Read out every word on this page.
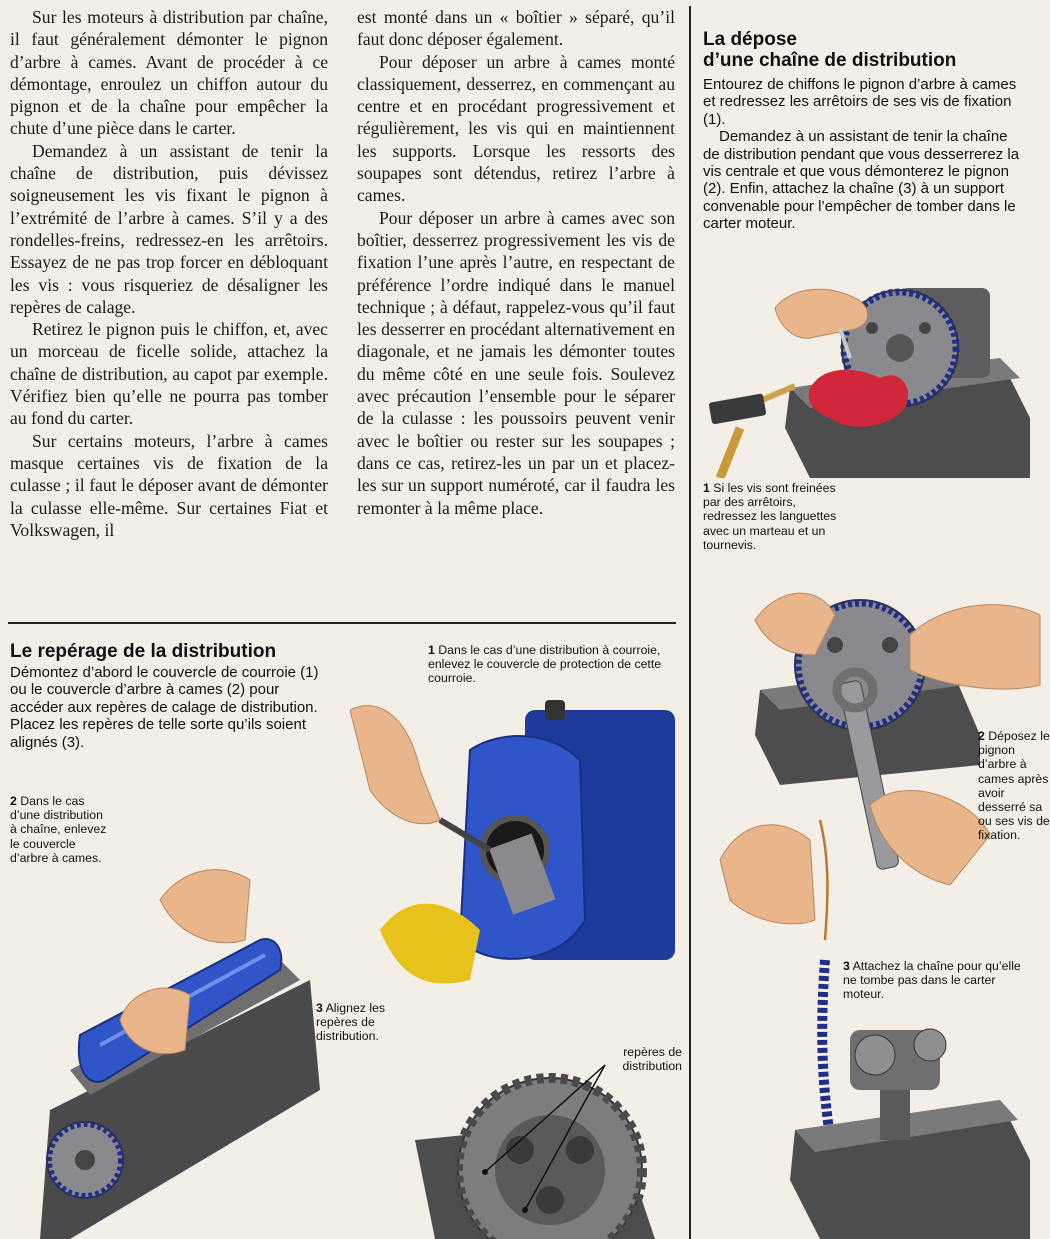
Sur les moteurs à distribution par chaîne, il faut généralement démonter le pignon d’arbre à cames. Avant de procéder à ce démontage, enroulez un chiffon autour du pignon et de la chaîne pour empêcher la chute d’une pièce dans le carter.

Demandez à un assistant de tenir la chaîne de distribution, puis dévissez soigneusement les vis fixant le pignon à l’extrémité de l’arbre à cames. S’il y a des rondelles-freins, redressez-en les arrêtoirs. Essayez de ne pas trop forcer en débloquant les vis : vous risqueriez de désaligner les repères de calage.

Retirez le pignon puis le chiffon, et, avec un morceau de ficelle solide, attachez la chaîne de distribution, au capot par exemple. Vérifiez bien qu’elle ne pourra pas tomber au fond du carter.

Sur certains moteurs, l’arbre à cames masque certaines vis de fixation de la culasse ; il faut le déposer avant de démonter la culasse elle-même. Sur certaines Fiat et Volkswagen, il

est monté dans un « boîtier » séparé, qu’il faut donc déposer également.

Pour déposer un arbre à cames monté classiquement, desserrez, en commençant au centre et en procédant progressivement et régulièrement, les vis qui en maintiennent les supports. Lorsque les ressorts des soupapes sont détendus, retirez l’arbre à cames.

Pour déposer un arbre à cames avec son boîtier, desserrez progressivement les vis de fixation l’une après l’autre, en respectant de préférence l’ordre indiqué dans le manuel technique ; à défaut, rappelez-vous qu’il faut les desserrer en procédant alternativement en diagonale, et ne jamais les démonter toutes du même côté en une seule fois. Soulevez avec précaution l’ensemble pour le séparer de la culasse : les poussoirs peuvent venir avec le boîtier ou rester sur les soupapes ; dans ce cas, retirez-les un par un et placez-les sur un support numéroté, car il faudra les remonter à la même place.

La dépose
d’une chaîne de distribution

Entourez de chiffons le pignon d’arbre à cames et redressez les arrêtoirs de ses vis de fixation (1).

Demandez à un assistant de tenir la chaîne de distribution pendant que vous desserrerez la vis centrale et que vous démonterez le pignon (2). Enfin, attachez la chaîne (3) à un support convenable pour l’empêcher de tomber dans le carter moteur.

1 Si les vis sont freinées par des arrêtoirs, redressez les languettes avec un marteau et un tournevis.
2 Déposez le pignon d’arbre à cames après avoir desserré sa ou ses vis de fixation.
3 Attachez la chaîne pour qu’elle ne tombe pas dans le carter moteur.
Le repérage de la distribution

Démontez d’abord le couvercle de courroie (1) ou le couvercle d’arbre à cames (2) pour accéder aux repères de calage de distribution. Placez les repères de telle sorte qu’ils soient alignés (3).

1 Dans le cas d’une distribution à courroie, enlevez le couvercle de protection de cette courroie.
2 Dans le cas d’une distribution à chaîne, enlevez le couvercle d’arbre à cames.
3 Alignez les repères de distribution.
repères de distribution
